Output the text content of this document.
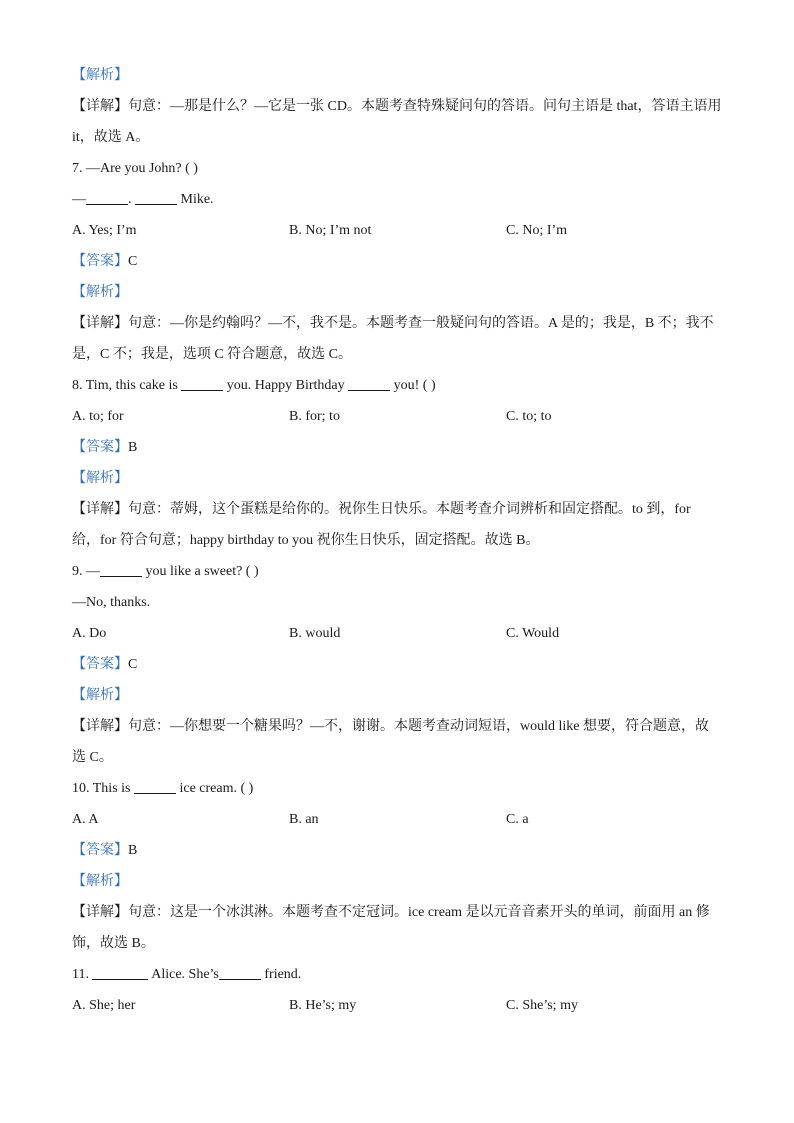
【解析】
【详解】句意：—那是什么？—它是一张 CD。本题考查特殊疑问句的答语。问句主语是 that，答语主语用
it，故选 A。
7. —Are you John? ( )
—	.	Mike.
A. Yes; I’m	B. No; I’m not	C. No; I’m
【答案】C
【解析】
【详解】句意：—你是约翰吗？—不，我不是。本题考查一般疑问句的答语。A 是的；我是，B 不；我不
是，C 不；我是，选项 C 符合题意，故选 C。
8. Tim, this cake is	you. Happy Birthday	you! ( )
A. to; for	B. for; to	C. to; to
【答案】B
【解析】
【详解】句意：蒂姆，这个蛋糕是给你的。祝你生日快乐。本题考查介词辨析和固定搭配。to 到，for
给，for 符合句意；happy birthday to you 祝你生日快乐，固定搭配。故选 B。
9. —	you like a sweet? ( )
—No, thanks.
A. Do	B. would	C. Would
【答案】C
【解析】
【详解】句意：—你想要一个糖果吗？—不，谢谢。本题考查动词短语，would like 想要，符合题意，故
选 C。
10. This is	ice cream. ( )
A. A	B. an	C. a
【答案】B
【解析】
【详解】句意：这是一个冰淇淋。本题考查不定冠词。ice cream 是以元音音素开头的单词，前面用 an 修
饰，故选 B。
11.	Alice. She’s	friend.
A. She; her	B. He’s; my	C. She’s; my
